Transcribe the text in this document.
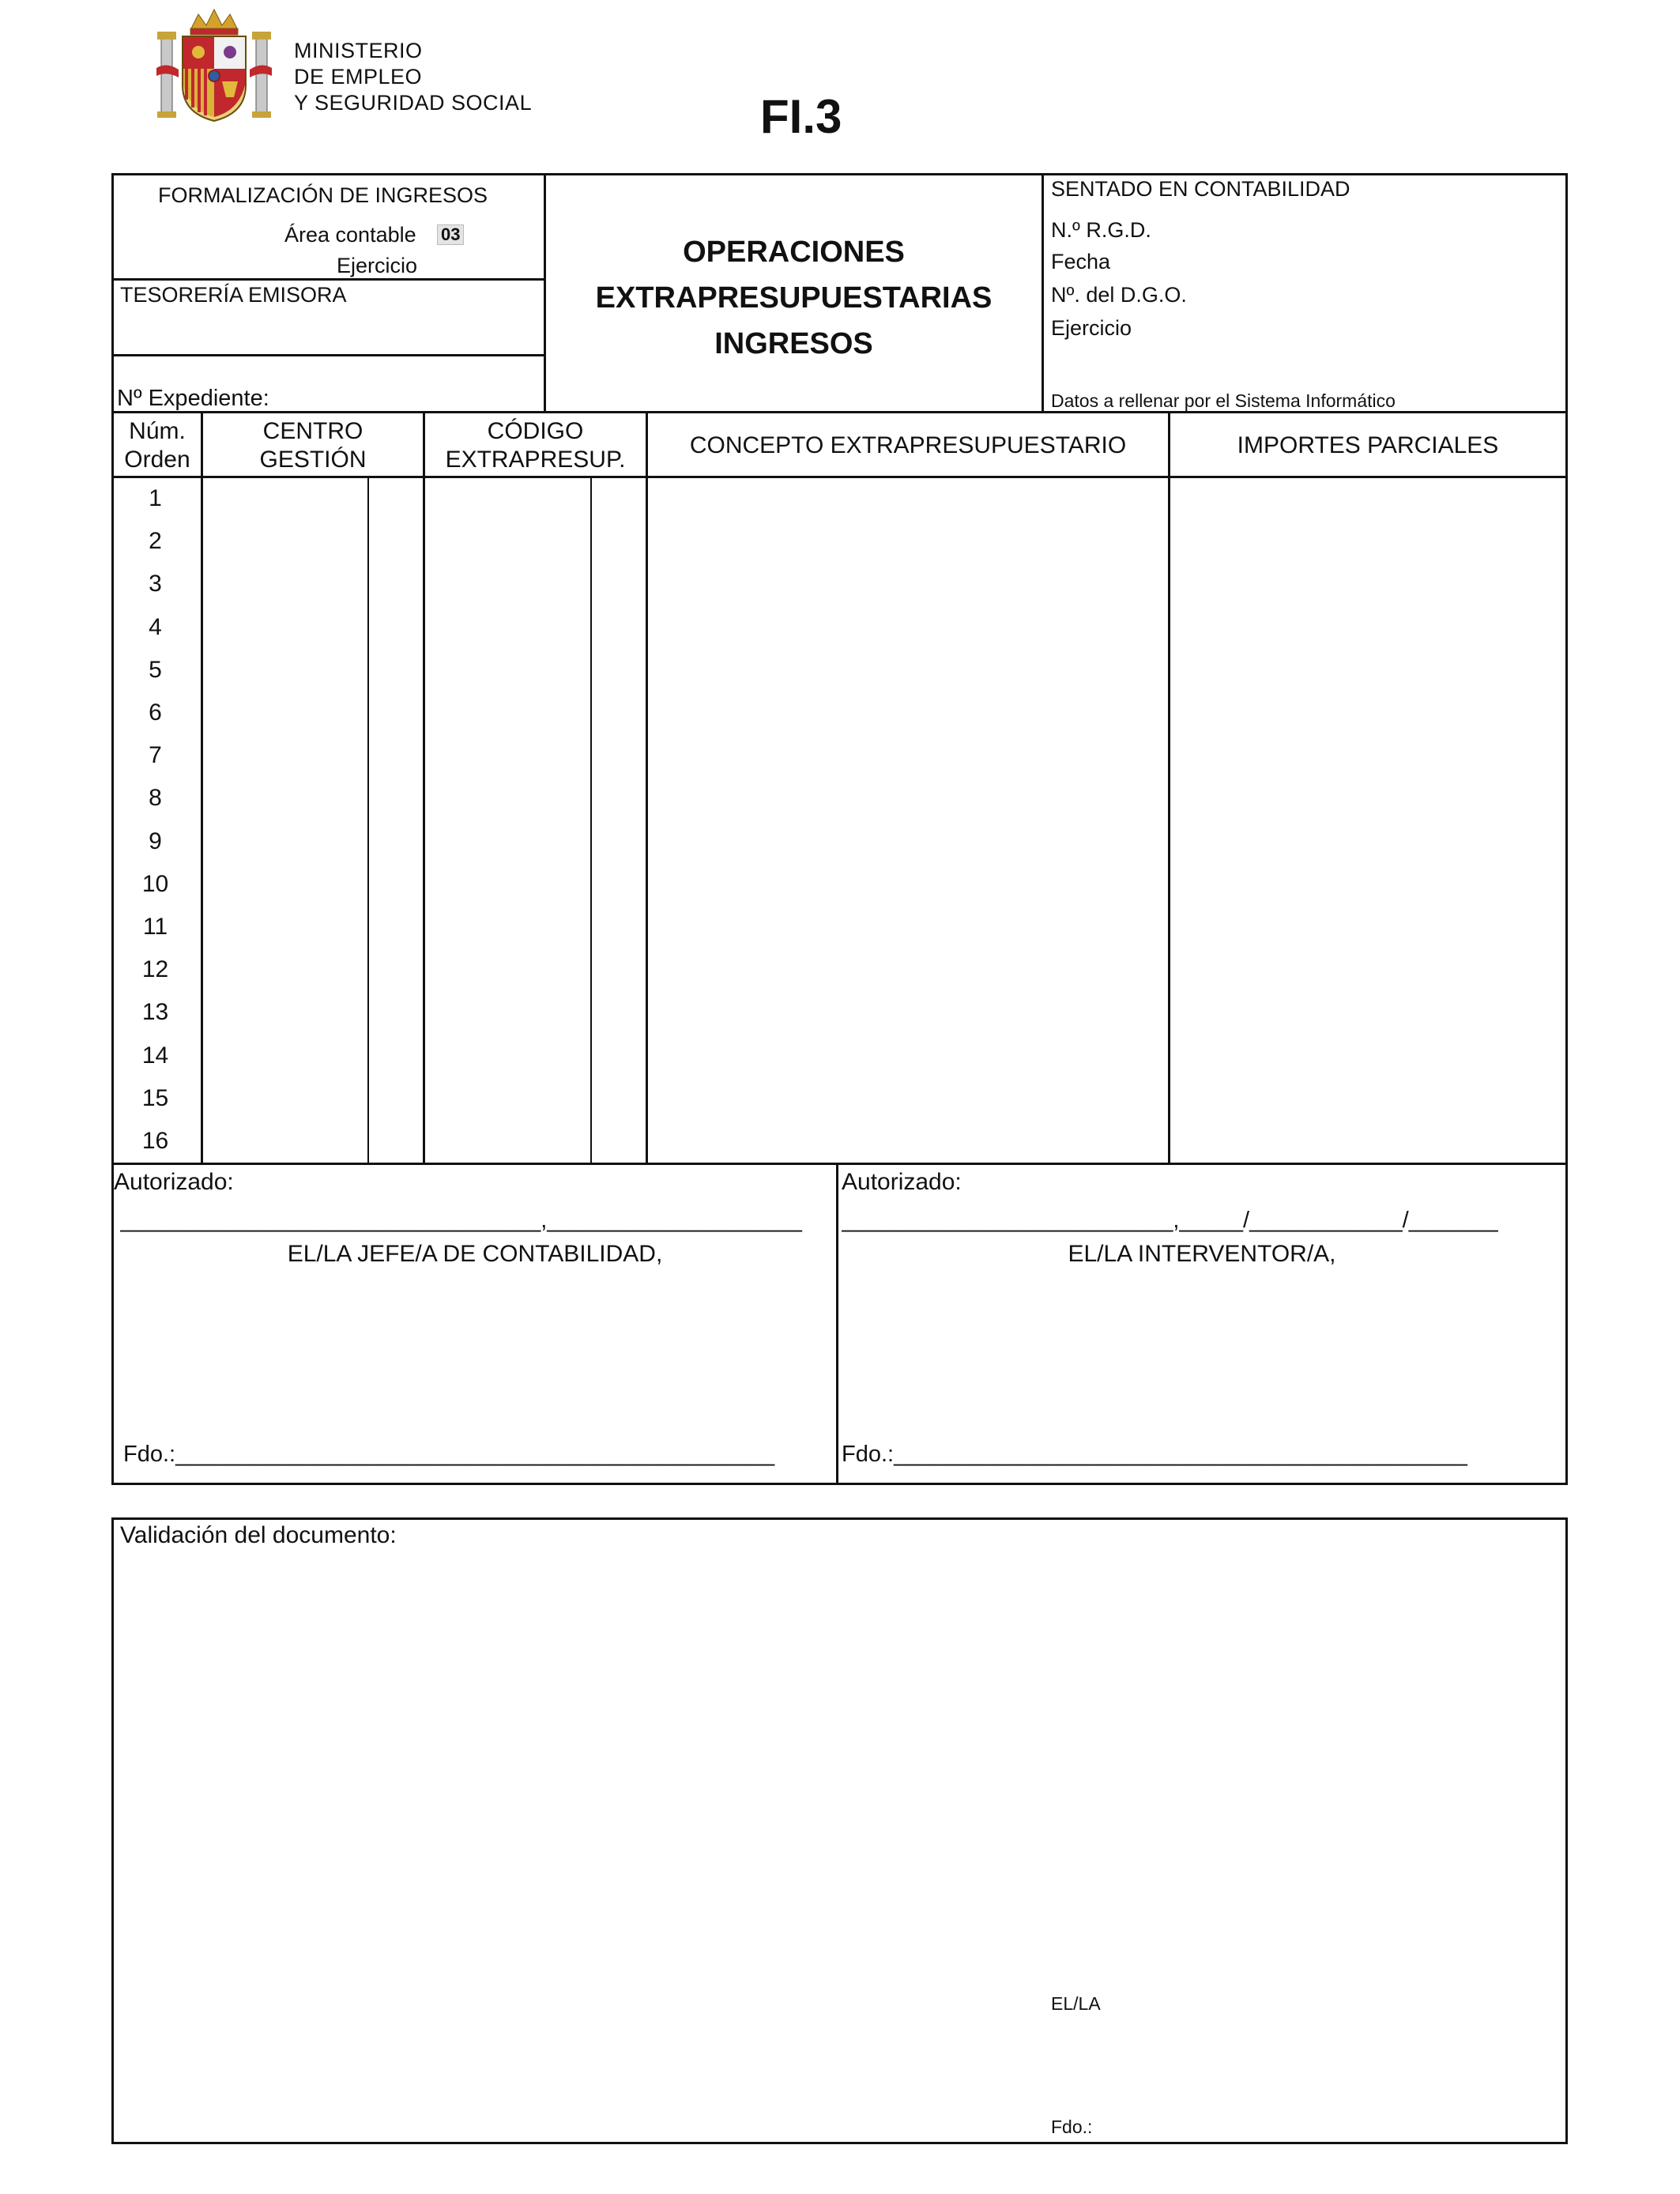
MINISTERIO
DE EMPLEO
Y SEGURIDAD SOCIAL	FI.3
FORMALIZACIÓN DE INGRESOS
Área contable 03
Ejercicio
TESORERÍA EMISORA
Nº Expediente:
OPERACIONES
EXTRAPRESUPUESTARIAS
INGRESOS
SENTADO EN CONTABILIDAD
N.º R.G.D.
Fecha
Nº. del D.G.O.
Ejercicio
Datos a rellenar por el Sistema Informático
Núm.
Orden
CENTRO
GESTIÓN
CÓDIGO
EXTRAPRESUP.
CONCEPTO EXTRAPRESUPUESTARIO	IMPORTES PARCIALES
1
2
3
4
5
6
7
8
9
10
11
12
13
14
15
16
Autorizado:
_________________________________,____________________
EL/LA JEFE/A DE CONTABILIDAD,
Fdo.:_______________________________________________
Autorizado:
__________________________,_____/____________/_______
EL/LA INTERVENTOR/A,
Fdo.:_____________________________________________
Validación del documento:
EL/LA
Fdo.:
